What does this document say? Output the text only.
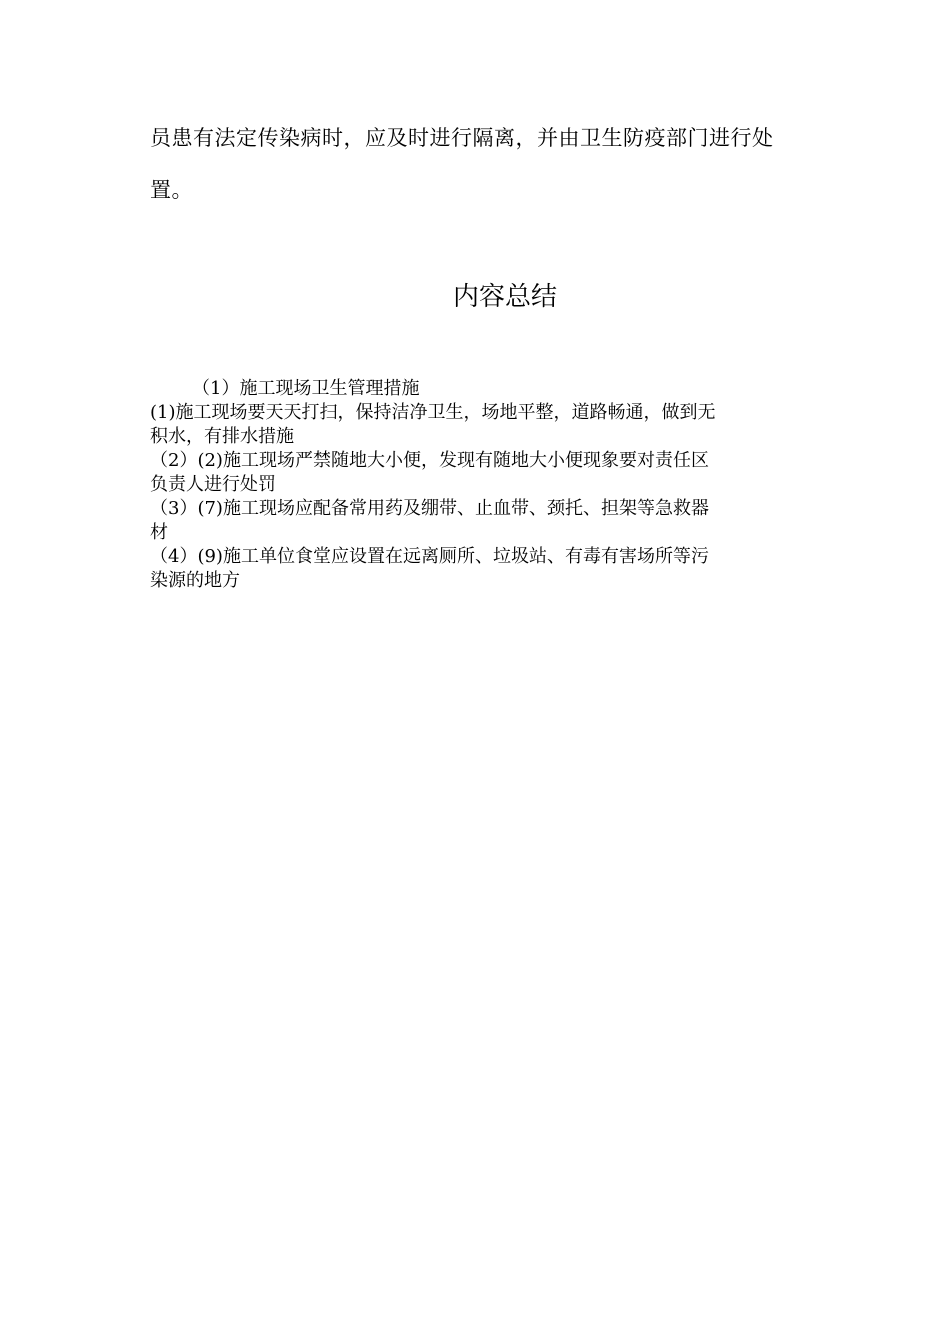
员患有法定传染病时，应及时进行隔离，并由卫生防疫部门进行处
置。
内容总结
（1）施工现场卫生管理措施
(1)施工现场要天天打扫，保持洁净卫生，场地平整，道路畅通，做到无
积水，有排水措施
（2）(2)施工现场严禁随地大小便，发现有随地大小便现象要对责任区
负责人进行处罚
（3）(7)施工现场应配备常用药及绷带、止血带、颈托、担架等急救器
材
（4）(9)施工单位食堂应设置在远离厕所、垃圾站、有毒有害场所等污
染源的地方
